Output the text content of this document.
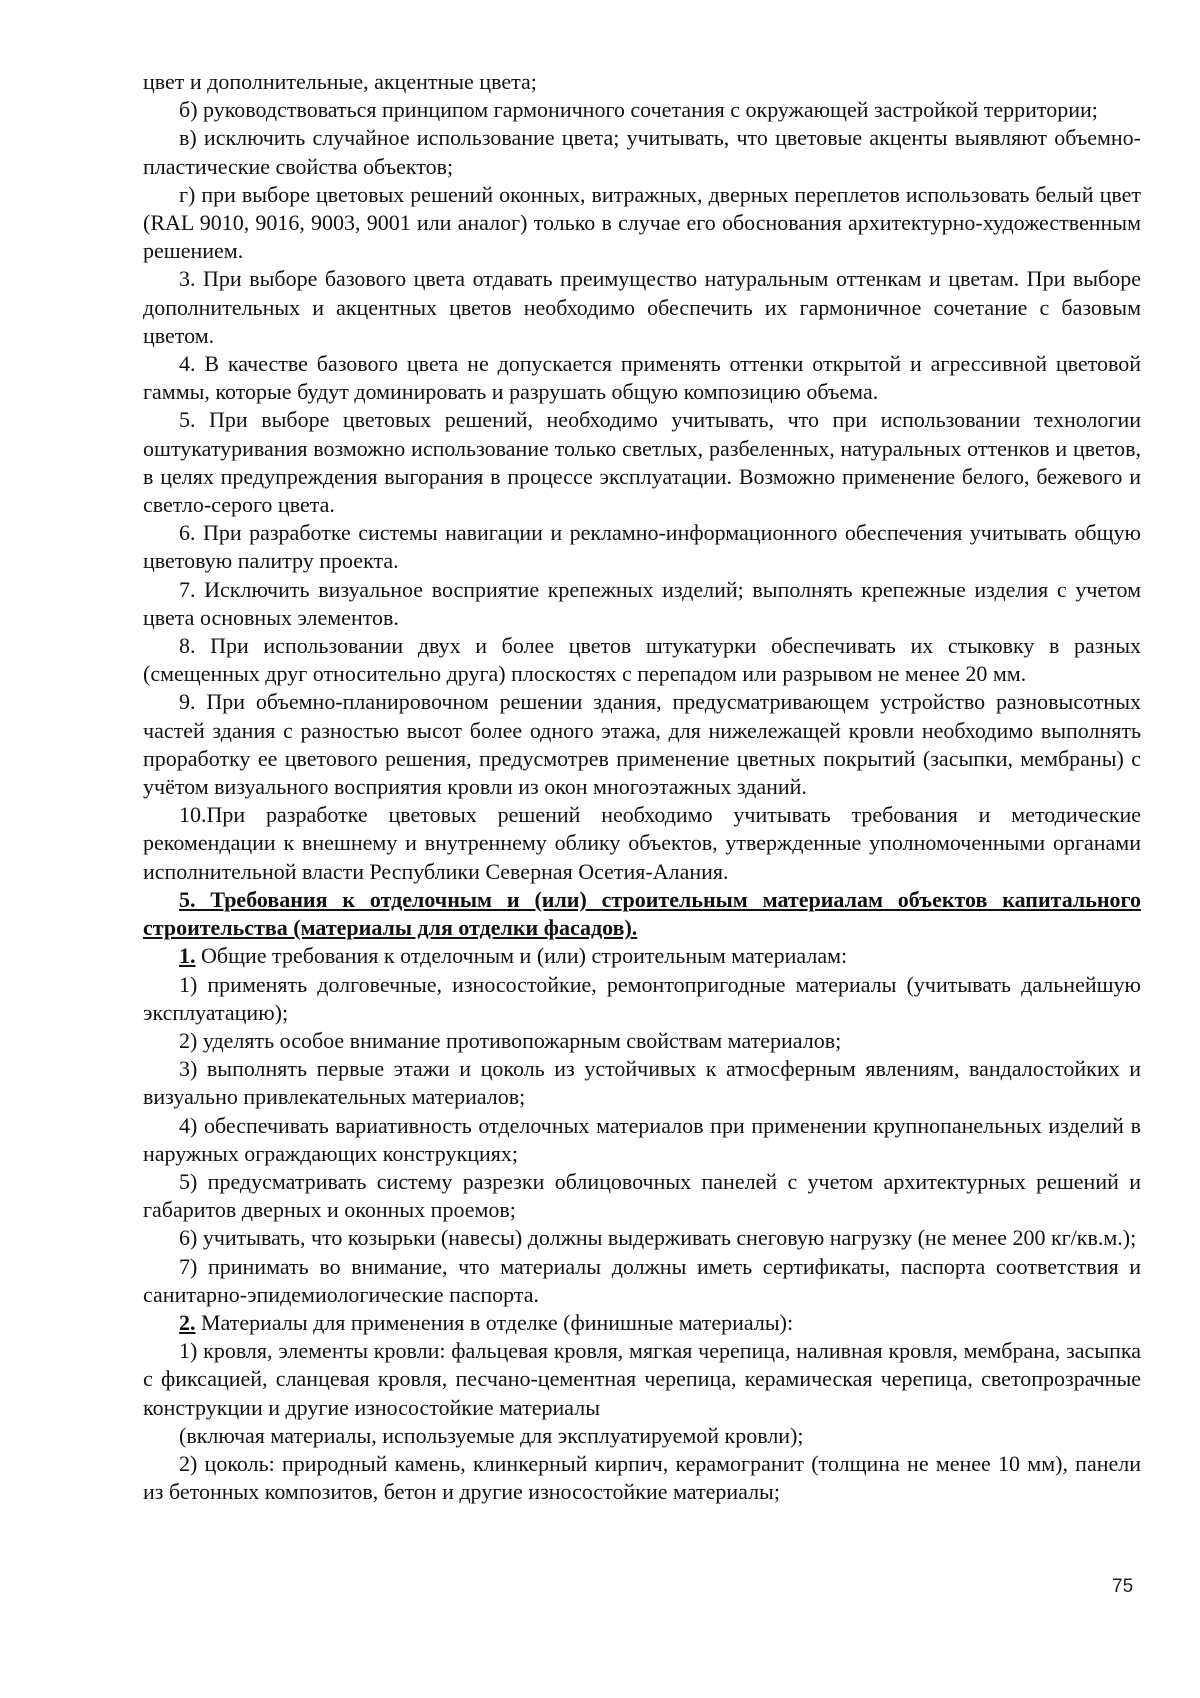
цвет и дополнительные, акцентные цвета;

б) руководствоваться принципом гармоничного сочетания с окружающей застройкой территории;

в) исключить случайное использование цвета; учитывать, что цветовые акценты выявляют объемно-пластические свойства объектов;

г) при выборе цветовых решений оконных, витражных, дверных переплетов использовать белый цвет (RAL 9010, 9016, 9003, 9001 или аналог) только в случае его обоснования архитектурно-художественным решением.

3. При выборе базового цвета отдавать преимущество натуральным оттенкам и цветам. При выборе дополнительных и акцентных цветов необходимо обеспечить их гармоничное сочетание с базовым цветом.

4. В качестве базового цвета не допускается применять оттенки открытой и агрессивной цветовой гаммы, которые будут доминировать и разрушать общую композицию объема.

5. При выборе цветовых решений, необходимо учитывать, что при использовании технологии оштукатуривания возможно использование только светлых, разбеленных, натуральных оттенков и цветов, в целях предупреждения выгорания в процессе эксплуатации. Возможно применение белого, бежевого и светло-серого цвета.

6. При разработке системы навигации и рекламно-информационного обеспечения учитывать общую цветовую палитру проекта.

7. Исключить визуальное восприятие крепежных изделий; выполнять крепежные изделия с учетом цвета основных элементов.

8. При использовании двух и более цветов штукатурки обеспечивать их стыковку в разных (смещенных друг относительно друга) плоскостях с перепадом или разрывом не менее 20 мм.

9. При объемно-планировочном решении здания, предусматривающем устройство разновысотных частей здания с разностью высот более одного этажа, для нижележащей кровли необходимо выполнять проработку ее цветового решения, предусмотрев применение цветных покрытий (засыпки, мембраны) с учётом визуального восприятия кровли из окон многоэтажных зданий.

10.При разработке цветовых решений необходимо учитывать требования и методические рекомендации к внешнему и внутреннему облику объектов, утвержденные уполномоченными органами исполнительной власти Республики Северная Осетия-Алания.

5. Требования к отделочным и (или) строительным материалам объектов капитального строительства (материалы для отделки фасадов).

1. Общие требования к отделочным и (или) строительным материалам:

1) применять долговечные, износостойкие, ремонтопригодные материалы (учитывать дальнейшую эксплуатацию);

2) уделять особое внимание противопожарным свойствам материалов;

3) выполнять первые этажи и цоколь из устойчивых к атмосферным явлениям, вандалостойких и визуально привлекательных материалов;

4) обеспечивать вариативность отделочных материалов при применении крупнопанельных изделий в наружных ограждающих конструкциях;

5) предусматривать систему разрезки облицовочных панелей с учетом архитектурных решений и габаритов дверных и оконных проемов;

6) учитывать, что козырьки (навесы) должны выдерживать снеговую нагрузку (не менее 200 кг/кв.м.);

7) принимать во внимание, что материалы должны иметь сертификаты, паспорта соответствия и санитарно-эпидемиологические паспорта.

2. Материалы для применения в отделке (финишные материалы):

1) кровля, элементы кровли: фальцевая кровля, мягкая черепица, наливная кровля, мембрана, засыпка с фиксацией, сланцевая кровля, песчано-цементная черепица, керамическая черепица, светопрозрачные конструкции и другие износостойкие материалы

(включая материалы, используемые для эксплуатируемой кровли);

2) цоколь: природный камень, клинкерный кирпич, керамогранит (толщина не менее 10 мм), панели из бетонных композитов, бетон и другие износостойкие материалы;

75
